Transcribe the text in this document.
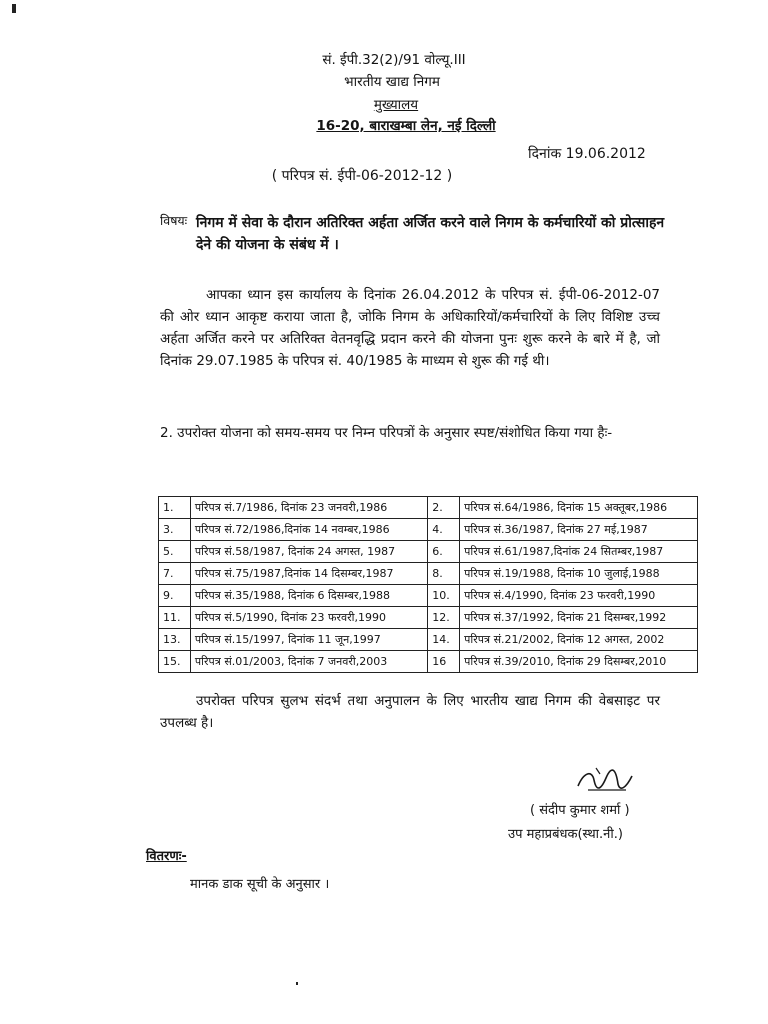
सं. ईपी.32(2)/91 वोल्यू.III
भारतीय खाद्य निगम
मुख्यालय
16-20, बाराखम्बा लेन, नई दिल्ली
दिनांक 19.06.2012
( परिपत्र सं. ईपी-06-2012-12 )
विषयः निगम में सेवा के दौरान अतिरिक्त अर्हता अर्जित करने वाले निगम के कर्मचारियों को प्रोत्साहन देने की योजना के संबंध में ।
आपका ध्यान इस कार्यालय के दिनांक 26.04.2012 के परिपत्र सं. ईपी-06-2012-07 की ओर ध्यान आकृष्ट कराया जाता है, जोकि निगम के अधिकारियों/कर्मचारियों के लिए विशिष्ट उच्च अर्हता अर्जित करने पर अतिरिक्त वेतनवृद्धि प्रदान करने की योजना पुनः शुरू करने के बारे में है, जो दिनांक 29.07.1985 के परिपत्र सं. 40/1985 के माध्यम से शुरू की गई थी।
2. उपरोक्त योजना को समय-समय पर निम्न परिपत्रों के अनुसार स्पष्ट/संशोधित किया गया हैः-
1.	परिपत्र सं.7/1986, दिनांक 23 जनवरी,1986	2.	परिपत्र सं.64/1986, दिनांक 15 अक्तूबर,1986
3.	परिपत्र सं.72/1986,दिनांक 14 नवम्बर,1986	4.	परिपत्र सं.36/1987, दिनांक 27 मई,1987
5.	परिपत्र सं.58/1987, दिनांक 24 अगस्त, 1987	6.	परिपत्र सं.61/1987,दिनांक 24 सितम्बर,1987
7.	परिपत्र सं.75/1987,दिनांक 14 दिसम्बर,1987	8.	परिपत्र सं.19/1988, दिनांक 10 जुलाई,1988
9.	परिपत्र सं.35/1988, दिनांक 6 दिसम्बर,1988	10.	परिपत्र सं.4/1990, दिनांक 23 फरवरी,1990
11.	परिपत्र सं.5/1990, दिनांक 23 फरवरी,1990	12.	परिपत्र सं.37/1992, दिनांक 21 दिसम्बर,1992
13.	परिपत्र सं.15/1997, दिनांक 11 जून,1997	14.	परिपत्र सं.21/2002, दिनांक 12 अगस्त, 2002
15.	परिपत्र सं.01/2003, दिनांक 7 जनवरी,2003	16	परिपत्र सं.39/2010, दिनांक 29 दिसम्बर,2010
उपरोक्त परिपत्र सुलभ संदर्भ तथा अनुपालन के लिए भारतीय खाद्य निगम की वेबसाइट पर उपलब्ध है।
( संदीप कुमार शर्मा )
उप महाप्रबंधक(स्था.नी.)
वितरणः-
मानक डाक सूची के अनुसार ।
